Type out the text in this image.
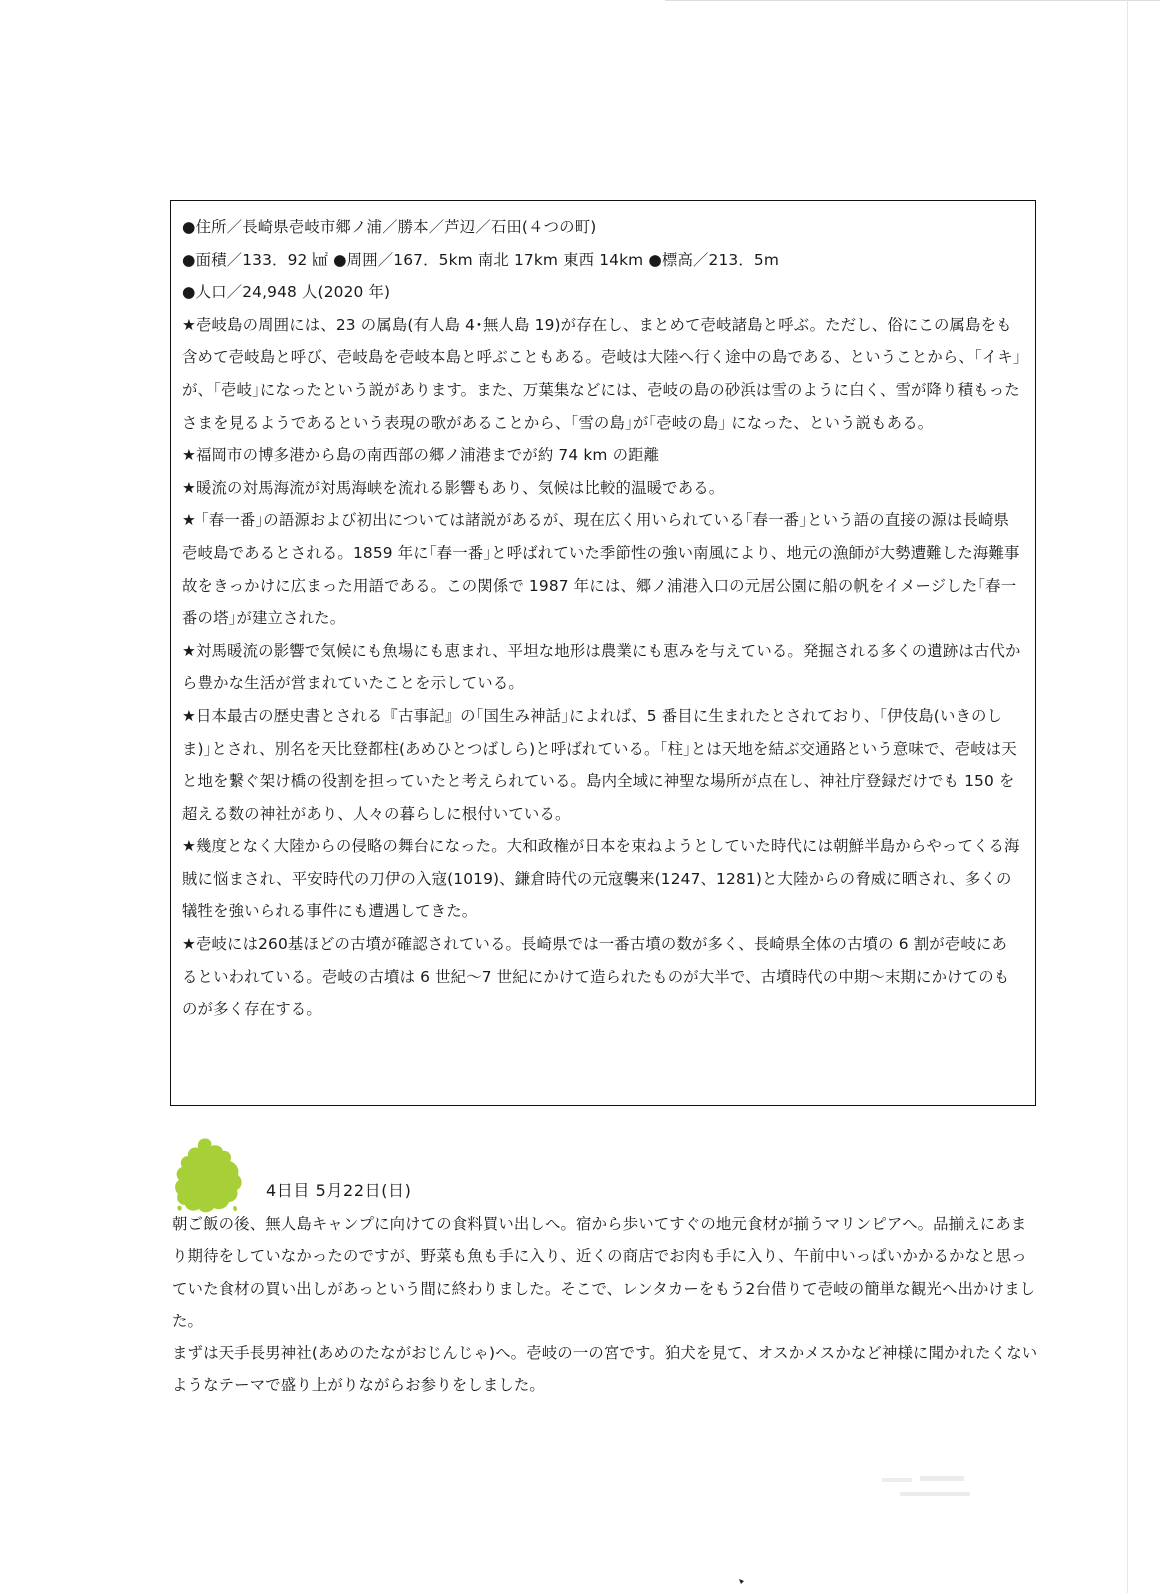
●住所／長崎県壱岐市郷ノ浦／勝本／芦辺／石田(４つの町)

●面積／133．92 ㎢ ●周囲／167．5km 南北 17km 東西 14km ●標高／213．5m

●人口／24,948 人(2020 年)

★壱岐島の周囲には、23 の属島(有人島 4･無人島 19)が存在し、まとめて壱岐諸島と呼ぶ。ただし、俗にこの属島をも 含めて壱岐島と呼び、壱岐島を壱岐本島と呼ぶこともある。壱岐は大陸へ行く途中の島である、ということから、｢イキ｣が、｢壱岐｣になったという説があります。また、万葉集などには、壱岐の島の砂浜は雪のように白く、雪が降り積もったさまを見るようであるという表現の歌があることから、｢雪の島｣が｢壱岐の島｣ になった、という説もある。

★福岡市の博多港から島の南西部の郷ノ浦港までが約 74 km の距離

★暖流の対馬海流が対馬海峡を流れる影響もあり、気候は比較的温暖である。

★ ｢春一番｣の語源および初出については諸説があるが、現在広く用いられている｢春一番｣という語の直接の源は長崎県壱岐島であるとされる。1859 年に｢春一番｣と呼ばれていた季節性の強い南風により、地元の漁師が大勢遭難した海難事故をきっかけに広まった用語である。この関係で 1987 年には、郷ノ浦港入口の元居公園に船の帆をイメージした｢春一番の塔｣が建立された。

★対馬暖流の影響で気候にも魚場にも恵まれ、平坦な地形は農業にも恵みを与えている。発掘される多くの遺跡は古代から豊かな生活が営まれていたことを示している。

★日本最古の歴史書とされる『古事記』の｢国生み神話｣によれば、5 番目に生まれたとされており、｢伊伎島(いきのしま)｣とされ、別名を天比登都柱(あめひとつばしら)と呼ばれている。｢柱｣とは天地を結ぶ交通路という意味で、壱岐は天と地を繋ぐ架け橋の役割を担っていたと考えられている。島内全域に神聖な場所が点在し、神社庁登録だけでも 150 を超える数の神社があり、人々の暮らしに根付いている。

★幾度となく大陸からの侵略の舞台になった。大和政権が日本を束ねようとしていた時代には朝鮮半島からやってくる海賊に悩まされ、平安時代の刀伊の入寇(1019)、鎌倉時代の元寇襲来(1247、1281)と大陸からの脅威に晒され、多くの犠牲を強いられる事件にも遭遇してきた。

★壱岐には260基ほどの古墳が確認されている。長崎県では一番古墳の数が多く、長崎県全体の古墳の 6 割が壱岐にあるといわれている。壱岐の古墳は 6 世紀～7 世紀にかけて造られたものが大半で、古墳時代の中期～末期にかけてのものが多く存在する。

4日目 5月22日(日)

朝ご飯の後、無人島キャンプに向けての食料買い出しへ。宿から歩いてすぐの地元食材が揃うマリンピアへ。品揃えにあまり期待をしていなかったのですが、野菜も魚も手に入り、近くの商店でお肉も手に入り、午前中いっぱいかかるかなと思っていた食材の買い出しがあっという間に終わりました。そこで、レンタカーをもう2台借りて壱岐の簡単な観光へ出かけました。

まずは天手長男神社(あめのたながおじんじゃ)へ。壱岐の一の宮です。狛犬を見て、オスかメスかなど神様に聞かれたくないようなテーマで盛り上がりながらお参りをしました。
